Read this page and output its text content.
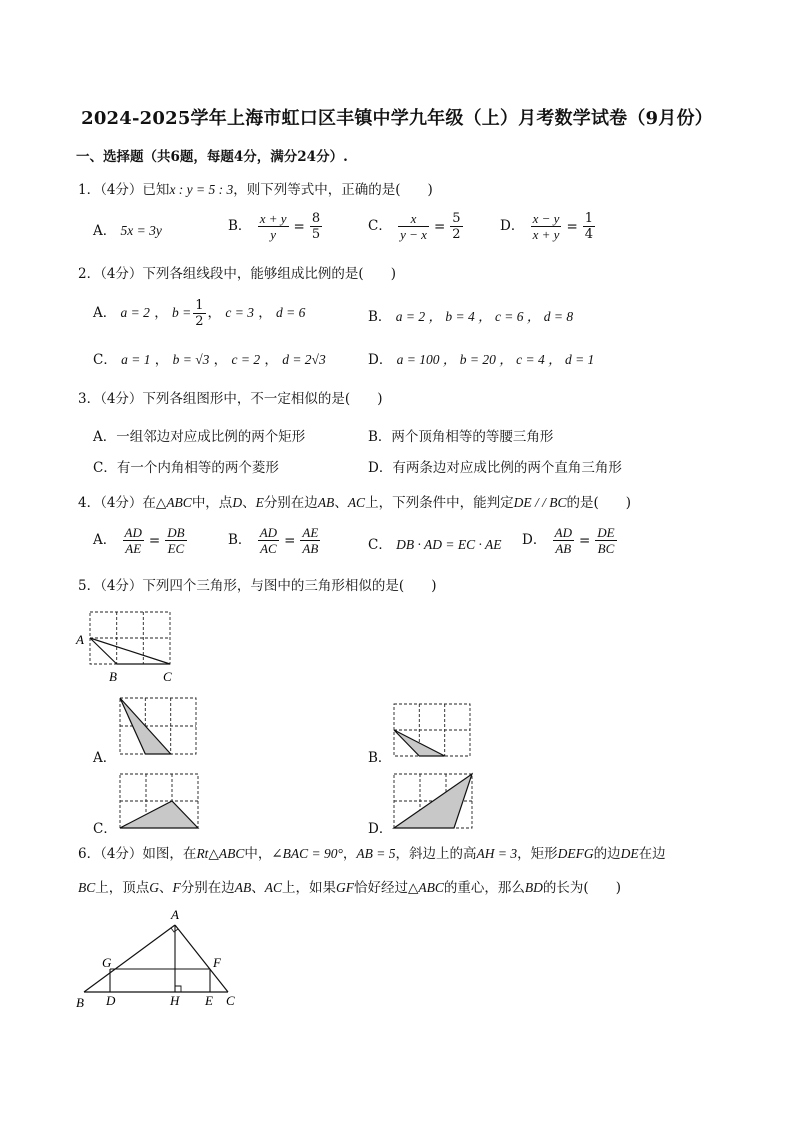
2024-2025学年上海市虹口区丰镇中学九年级（上）月考数学试卷（9月份）
一、选择题（共6题，每题4分，满分24分）.
1．（4分）已知x : y = 5 : 3，则下列等式中，正确的是(　　)
A． 5x = 3y	B． $\frac{x + y}{y} = \frac{8}{5}$	C． $\frac{x}{y - x} = \frac{5}{2}$	D． $\frac{x - y}{x + y} = \frac{1}{4}$
2．（4分）下列各组线段中，能够组成比例的是(　　)
A． a = 2 ， $b = \frac{1}{2}$ ， c = 3 ， d = 6	B． a = 2 ， b = 4 ， c = 6 ， d = 8
C． a = 1 ， b = √3 ， c = 2 ， d = 2√3	D． a = 100 ， b = 20 ， c = 4 ， d = 1
3．（4分）下列各组图形中，不一定相似的是(　　)
A．一组邻边对应成比例的两个矩形	B．两个顶角相等的等腰三角形
C．有一个内角相等的两个菱形	D．有两条边对应成比例的两个直角三角形
4．（4分）在△ABC中，点D、E分别在边AB、AC上，下列条件中，能判定DE / / BC的是(　　)
A． $\frac{AD}{AE} = \frac{DB}{EC}$	B． $\frac{AD}{AC} = \frac{AE}{AB}$	C． DB · AD = EC · AE D． $\frac{AD}{AB} = \frac{DE}{BC}$
5．（4分）下列四个三角形，与图中的三角形相似的是(　　)
A
B	C
A．	B．
C．	D．
6．（4分）如图，在Rt△ABC中，∠BAC = 90°，AB = 5，斜边上的高AH = 3，矩形DEFG的边DE在边
BC上，顶点G、F分别在边AB、AC上，如果GF恰好经过△ABC的重心，那么BD的长为(　　)
A
G	F
B D	H E C
